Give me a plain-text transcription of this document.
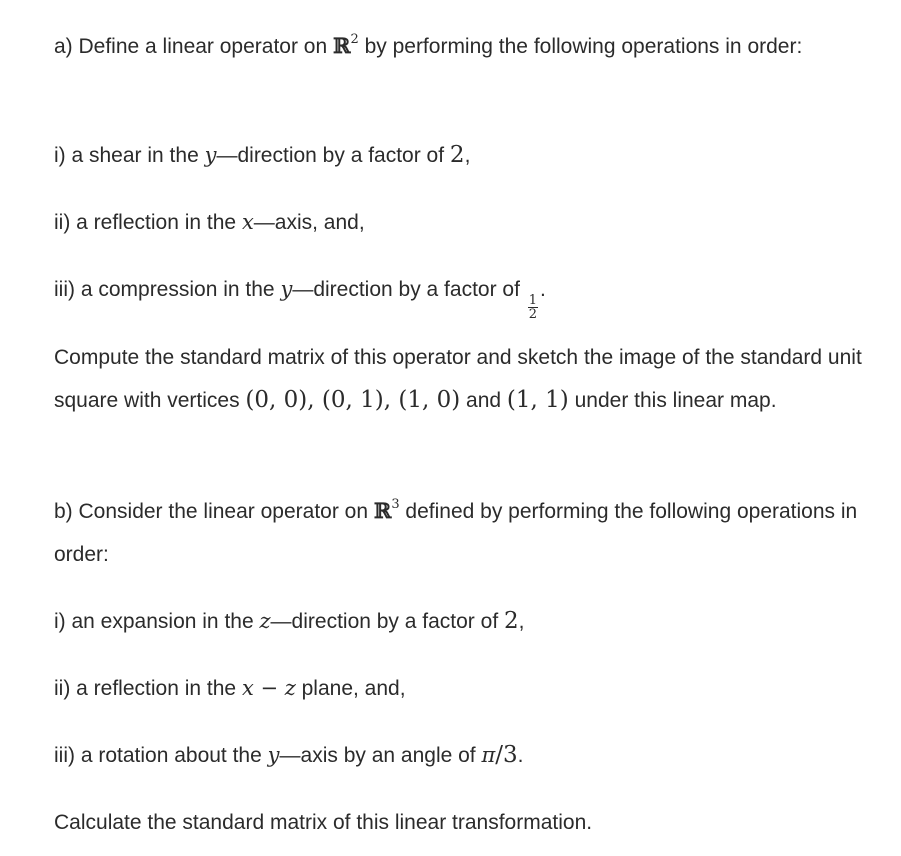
a) Define a linear operator on ℝ$^2$ by performing the following operations in order:

i) a shear in the y—direction by a factor of 2,

ii) a reflection in the x—axis, and,

iii) a compression in the y—direction by a factor of
$\frac{1}{2}$
.

Compute the standard matrix of this operator and sketch the image of the standard unit square with vertices (0, 0), (0, 1), (1, 0) and (1, 1) under this linear map.

b) Consider the linear operator on ℝ$^3$ defined by performing the following operations in order:

i) an expansion in the z—direction by a factor of 2,

ii) a reflection in the x − z plane, and,

iii) a rotation about the y—axis by an angle of π/3.

Calculate the standard matrix of this linear transformation.
